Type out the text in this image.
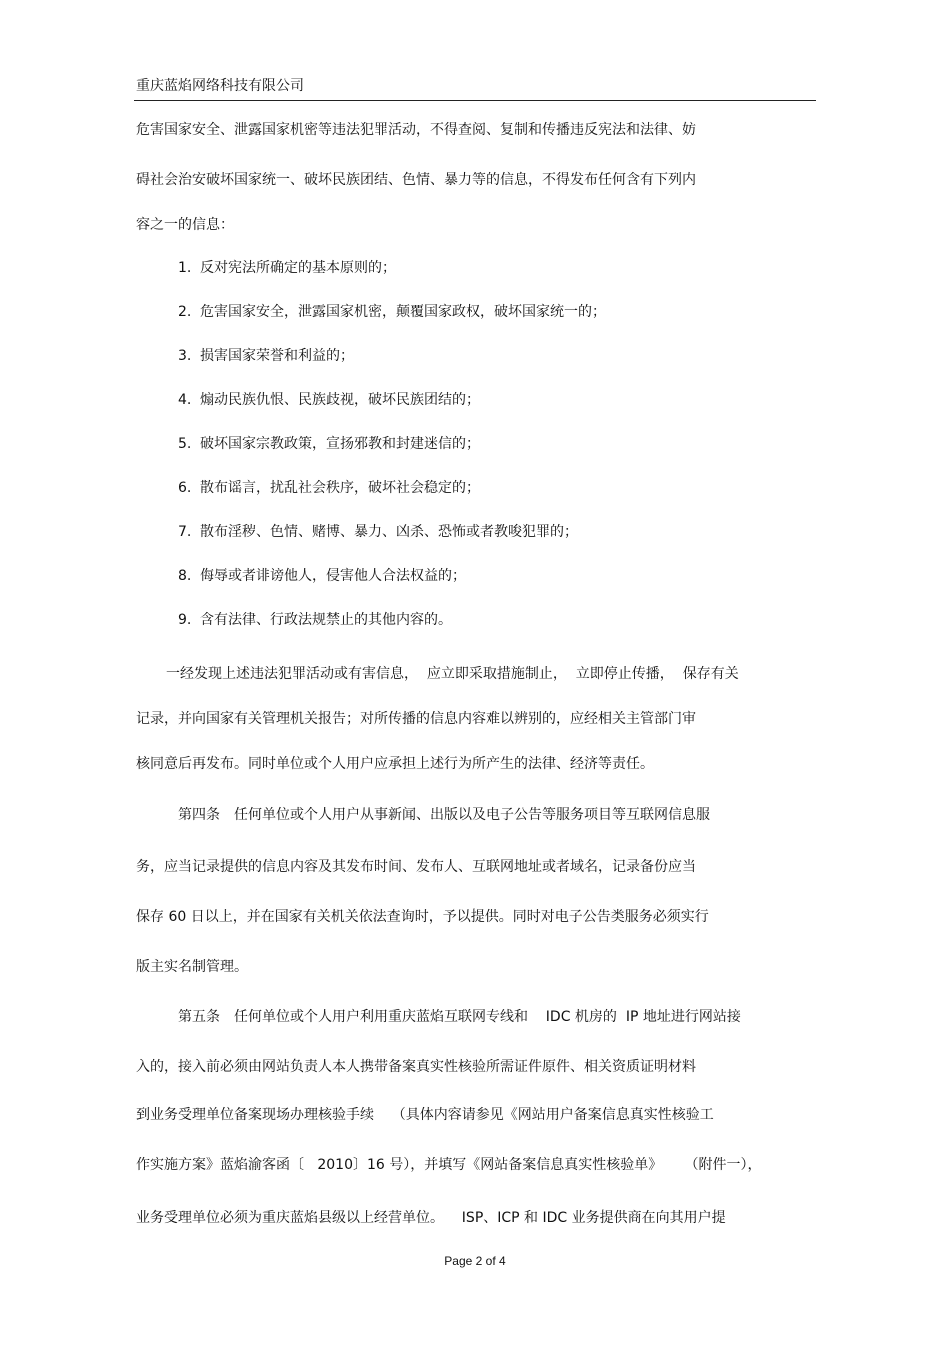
重庆蓝焰网络科技有限公司
危害国家安全、泄露国家机密等违法犯罪活动，不得查阅、复制和传播违反宪法和法律、妨
碍社会治安破坏国家统一、破坏民族团结、色情、暴力等的信息，不得发布任何含有下列内
容之一的信息：
1. 反对宪法所确定的基本原则的；
2. 危害国家安全，泄露国家机密，颠覆国家政权，破坏国家统一的；
3. 损害国家荣誉和利益的；
4. 煽动民族仇恨、民族歧视，破坏民族团结的；
5. 破坏国家宗教政策，宣扬邪教和封建迷信的；
6. 散布谣言，扰乱社会秩序，破坏社会稳定的；
7. 散布淫秽、色情、赌博、暴力、凶杀、恐怖或者教唆犯罪的；
8. 侮辱或者诽谤他人，侵害他人合法权益的；
9. 含有法律、行政法规禁止的其他内容的。
一经发现上述违法犯罪活动或有害信息，  应立即采取措施制止，  立即停止传播，  保存有关
记录，并向国家有关管理机关报告；对所传播的信息内容难以辨别的，应经相关主管部门审
核同意后再发布。同时单位或个人用户应承担上述行为所产生的法律、经济等责任。
第四条　任何单位或个人用户从事新闻、出版以及电子公告等服务项目等互联网信息服
务，应当记录提供的信息内容及其发布时间、发布人、互联网地址或者域名，记录备份应当
保存 60 日以上，并在国家有关机关依法查询时，予以提供。同时对电子公告类服务必须实行
版主实名制管理。
第五条　任何单位或个人用户利用重庆蓝焰互联网专线和    IDC 机房的  IP 地址进行网站接
入的，接入前必须由网站负责人本人携带备案真实性核验所需证件原件、相关资质证明材料
到业务受理单位备案现场办理核验手续    （具体内容请参见《网站用户备案信息真实性核验工
作实施方案》蓝焰渝客函〔   2010〕16 号），并填写《网站备案信息真实性核验单》     （附件一），
业务受理单位必须为重庆蓝焰县级以上经营单位。    ISP、ICP 和 IDC 业务提供商在向其用户提
Page 2 of 4
